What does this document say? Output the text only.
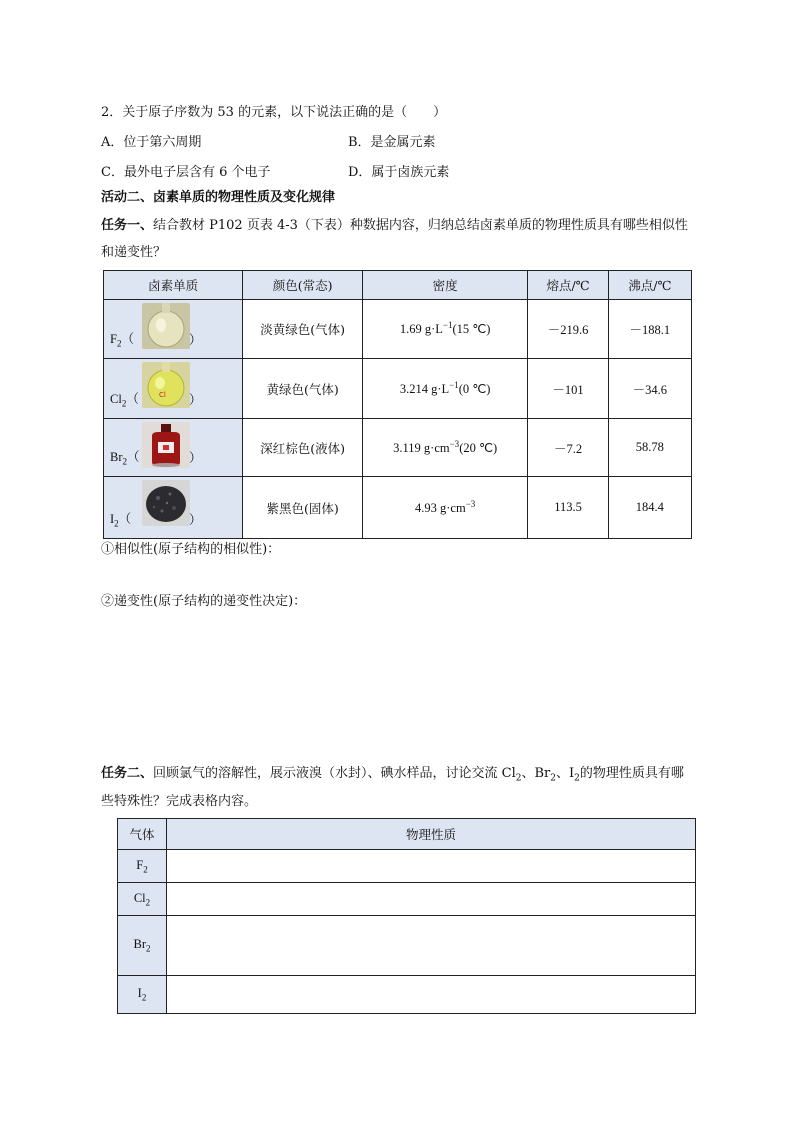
2．关于原子序数为 53 的元素，以下说法正确的是（　　）
A．位于第六周期	B．是金属元素
C．最外电子层含有 6 个电子	D．属于卤族元素
活动二、卤素单质的物理性质及变化规律
任务一、结合教材 P102 页表 4-3（下表）种数据内容，归纳总结卤素单质的物理性质具有哪些相似性
和递变性？
卤素单质	颜色(常态)	密度	熔点/℃	沸点/℃

$F_2$（ ）	淡黄绿色(气体)	1.69 $g\cdot L^{-1}(15$ ℃)	－219.6	－188.1

Cl
$Cl_2$（ ）	黄绿色(气体)	3.214 $g\cdot L^{-1}(0$ ℃)	－101	－34.6

$Br_2$（ ）	深红棕色(液体)	3.119 $g\cdot cm^{-3}(20$ ℃)	－7.2	58.78

$I_2$（ ）	紫黑色(固体)	4.93 $g\cdot cm^{-3}$	113.5	184.4
①相似性(原子结构的相似性)：
②递变性(原子结构的递变性决定)：
任务二、回顾氯气的溶解性，展示液溴（水封）、碘水样品，讨论交流 $Cl_2$、$Br_2$、$I_2$的物理性质具有哪
些特殊性？完成表格内容。
气体	物理性质
$F_2$	
$Cl_2$	
$Br_2$	
$I_2$	
